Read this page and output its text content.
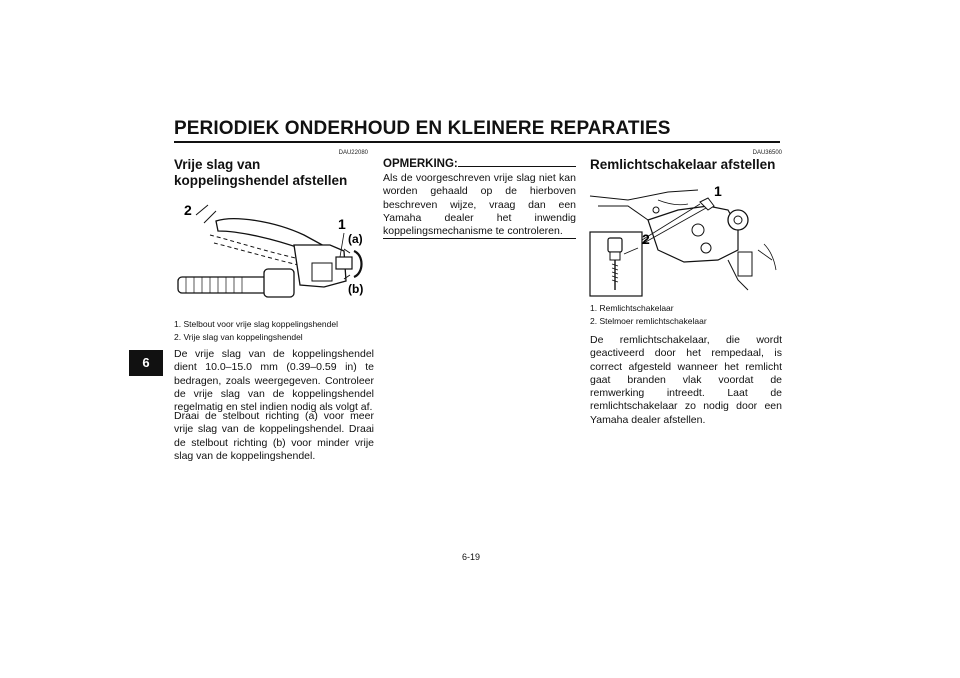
PERIODIEK ONDERHOUD EN KLEINERE REPARATIES
6
DAU22080
Vrije slag van koppelingshendel afstellen
2
1
(a)
(b)
1. Stelbout voor vrije slag koppelingshendel
2. Vrije slag van koppelingshendel

De vrije slag van de koppelingshendel dient 10.0–15.0 mm (0.39–0.59 in) te bedragen, zoals weergegeven. Controleer de vrije slag van de koppelingshendel regelmatig en stel indien nodig als volgt af.

Draai de stelbout richting (a) voor meer vrije slag van de koppelingshendel. Draai de stelbout richting (b) voor minder vrije slag van de koppelingshendel.

OPMERKING:

Als de voorgeschreven vrije slag niet kan worden gehaald op de hierboven beschreven wijze, vraag dan een Yamaha dealer het inwendig koppelingsmechanisme te controleren.

DAU36500
Remlichtschakelaar afstellen
1
2
1. Remlichtschakelaar
2. Stelmoer remlichtschakelaar

De remlichtschakelaar, die wordt geactiveerd door het rempedaal, is correct afgesteld wanneer het remlicht gaat branden vlak voordat de remwerking intreedt. Laat de remlichtschakelaar zo nodig door een Yamaha dealer afstellen.

6-19
